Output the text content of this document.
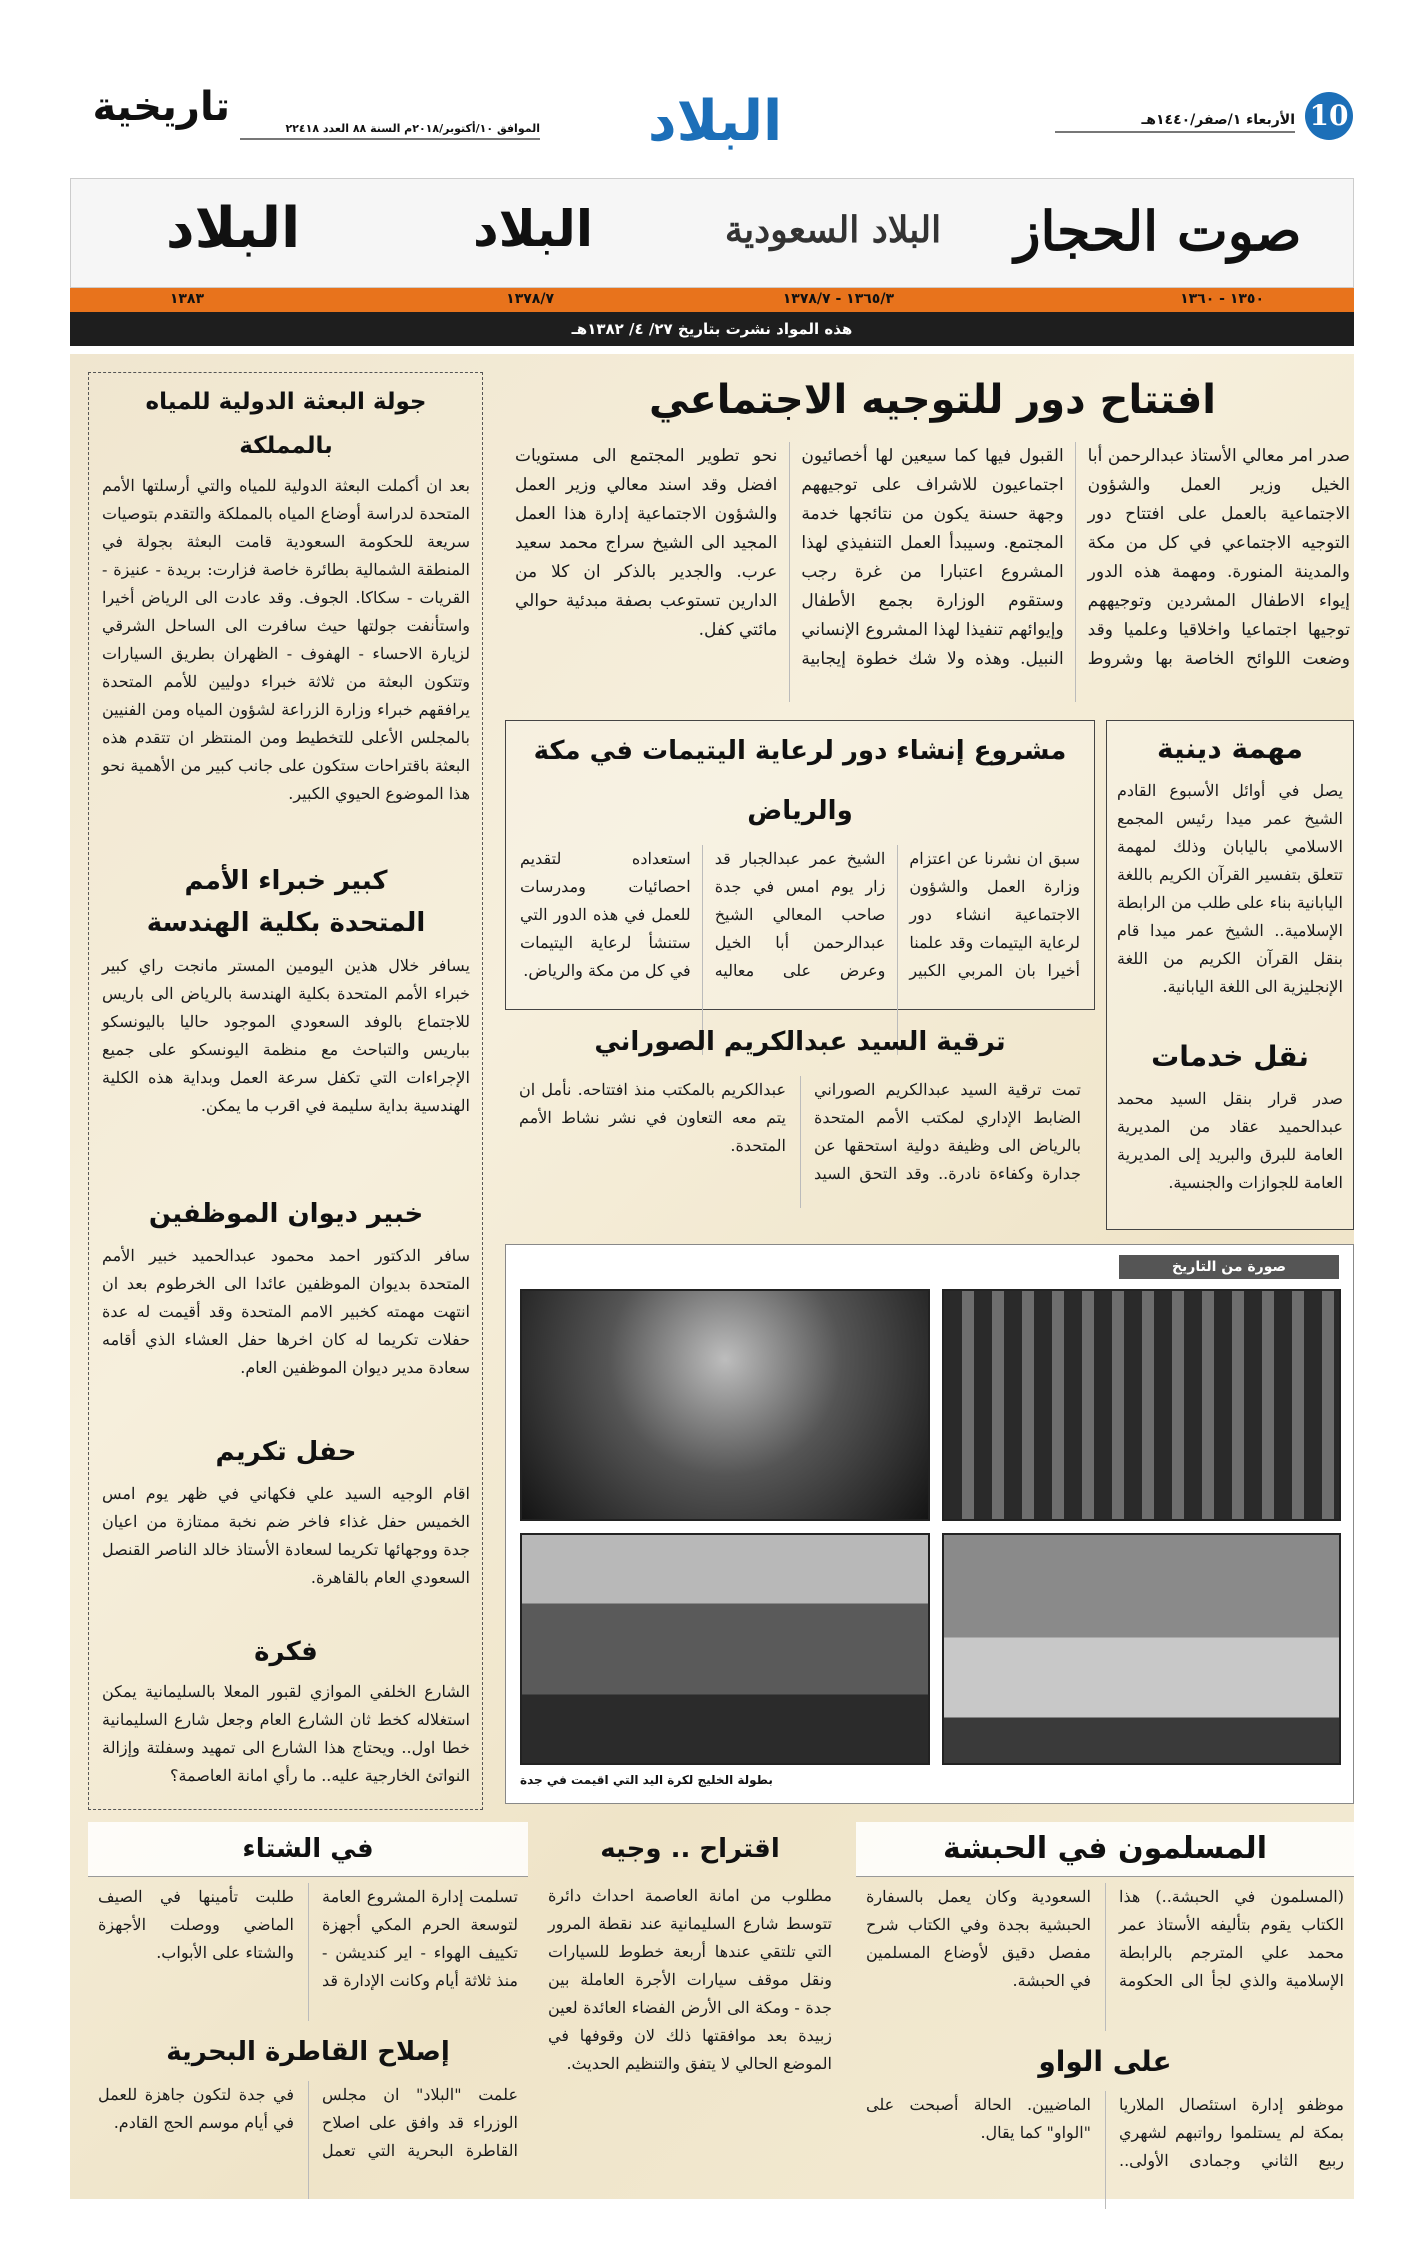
10
الأربعاء ١/صفر/١٤٤٠هـ
البلاد
الموافق ١٠/أكتوبر/٢٠١٨م السنة ٨٨ العدد ٢٢٤١٨
تاريخية
صوت الحجاز
البلاد السعودية
البلاد
البلاد
١٣٥٠ - ١٣٦٠
١٣٦٥/٣ - ١٣٧٨/٧
١٣٧٨/٧
١٣٨٣
هذه المواد نشرت بتاريخ ٢٧/ ٤/ ١٣٨٢هـ
افتتاح دور للتوجيه الاجتماعي
صدر امر معالي الأستاذ عبدالرحمن أبا الخيل وزير العمل والشؤون الاجتماعية بالعمل على افتتاح دور التوجيه الاجتماعي في كل من مكة والمدينة المنورة. ومهمة هذه الدور إيواء الاطفال المشردين وتوجيههم توجيها اجتماعيا واخلاقيا وعلميا وقد وضعت اللوائح الخاصة بها وشروط القبول فيها كما سيعين لها أخصائيون اجتماعيون للاشراف على توجيههم وجهة حسنة يكون من نتائجها خدمة المجتمع. وسيبدأ العمل التنفيذي لهذا المشروع اعتبارا من غرة رجب وستقوم الوزارة بجمع الأطفال وإيوائهم تنفيذا لهذا المشروع الإنساني النبيل. وهذه ولا شك خطوة إيجابية نحو تطوير المجتمع الى مستويات افضل وقد اسند معالي وزير العمل والشؤون الاجتماعية إدارة هذا العمل المجيد الى الشيخ سراج محمد سعيد عرب. والجدير بالذكر ان كلا من الدارين تستوعب بصفة مبدئية حوالي مائتي كفل.
جولة البعثة الدولية للمياه بالمملكة
بعد ان أكملت البعثة الدولية للمياه والتي أرسلتها الأمم المتحدة لدراسة أوضاع المياه بالمملكة والتقدم بتوصيات سريعة للحكومة السعودية قامت البعثة بجولة في المنطقة الشمالية بطائرة خاصة فزارت: بريدة - عنيزة - القريات - سكاكا. الجوف. وقد عادت الى الرياض أخيرا واستأنفت جولتها حيث سافرت الى الساحل الشرقي لزيارة الاحساء - الهفوف - الظهران بطريق السيارات وتتكون البعثة من ثلاثة خبراء دوليين للأمم المتحدة يرافقهم خبراء وزارة الزراعة لشؤون المياه ومن الفنيين بالمجلس الأعلى للتخطيط ومن المنتظر ان تتقدم هذه البعثة باقتراحات ستكون على جانب كبير من الأهمية نحو هذا الموضوع الحيوي الكبير.
كبير خبراء الأمم المتحدة بكلية الهندسة
يسافر خلال هذين اليومين المستر مانجت راي كبير خبراء الأمم المتحدة بكلية الهندسة بالرياض الى باريس للاجتماع بالوفد السعودي الموجود حاليا باليونسكو بباريس والتباحث مع منظمة اليونسكو على جميع الإجراءات التي تكفل سرعة العمل وبداية هذه الكلية الهندسية بداية سليمة في اقرب ما يمكن.
خبير ديوان الموظفين
سافر الدكتور احمد محمود عبدالحميد خبير الأمم المتحدة بديوان الموظفين عائدا الى الخرطوم بعد ان انتهت مهمته كخبير الامم المتحدة وقد أقيمت له عدة حفلات تكريما له كان اخرها حفل العشاء الذي أقامه سعادة مدير ديوان الموظفين العام.
حفل تكريم
اقام الوجيه السيد علي فكهاني في ظهر يوم امس الخميس حفل غذاء فاخر ضم نخبة ممتازة من اعيان جدة ووجهائها تكريما لسعادة الأستاذ خالد الناصر القنصل السعودي العام بالقاهرة.
فكرة
الشارع الخلفي الموازي لقبور المعلا بالسليمانية يمكن استغلاله كخط ثان الشارع العام وجعل شارع السليمانية خطا اول.. ويحتاج هذا الشارع الى تمهيد وسفلتة وإزالة النواتئ الخارجية عليه.. ما رأي امانة العاصمة؟
مهمة دينية
يصل في أوائل الأسبوع القادم الشيخ عمر ميدا رئيس المجمع الاسلامي باليابان وذلك لمهمة تتعلق بتفسير القرآن الكريم باللغة اليابانية بناء على طلب من الرابطة الإسلامية.. الشيخ عمر ميدا قام بنقل القرآن الكريم من اللغة الإنجليزية الى اللغة اليابانية.
نقل خدمات
صدر قرار بنقل السيد محمد عبدالحميد عقاد من المديرية العامة للبرق والبريد إلى المديرية العامة للجوازات والجنسية.
مشروع إنشاء دور لرعاية اليتيمات في مكة والرياض
سبق ان نشرنا عن اعتزام وزارة العمل والشؤون الاجتماعية انشاء دور لرعاية اليتيمات وقد علمنا أخيرا بان المربي الكبير الشيخ عمر عبدالجبار قد زار يوم امس في جدة صاحب المعالي الشيخ عبدالرحمن أبا الخيل وعرض على معاليه استعداده لتقديم احصائيات ومدرسات للعمل في هذه الدور التي ستنشأ لرعاية اليتيمات في كل من مكة والرياض.
ترقية السيد عبدالكريم الصوراني
تمت ترقية السيد عبدالكريم الصوراني الضابط الإداري لمكتب الأمم المتحدة بالرياض الى وظيفة دولية استحقها عن جدارة وكفاءة نادرة.. وقد التحق السيد عبدالكريم بالمكتب منذ افتتاحه. نأمل ان يتم معه التعاون في نشر نشاط الأمم المتحدة.
صورة من التاريخ
بطولة الخليج لكرة اليد التي اقيمت في جدة
المسلمون في الحبشة
(المسلمون في الحبشة..) هذا الكتاب يقوم بتأليفه الأستاذ عمر محمد علي المترجم بالرابطة الإسلامية والذي لجأ الى الحكومة السعودية وكان يعمل بالسفارة الحبشية بجدة وفي الكتاب شرح مفصل دقيق لأوضاع المسلمين في الحبشة.
على الواو
موظفو إدارة استئصال الملاريا بمكة لم يستلموا رواتبهم لشهري ربيع الثاني وجمادى الأولى.. الماضيين. الحالة أصبحت على "الواو" كما يقال.
اقتراح .. وجيه
مطلوب من امانة العاصمة احداث دائرة تتوسط شارع السليمانية عند نقطة المرور التي تلتقي عندها أربعة خطوط للسيارات ونقل موقف سيارات الأجرة العاملة بين جدة - ومكة الى الأرض الفضاء العائدة لعين زبيدة بعد موافقتها ذلك لان وقوفها في الموضع الحالي لا يتفق والتنظيم الحديث.
في الشتاء
تسلمت إدارة المشروع العامة لتوسعة الحرم المكي أجهزة تكييف الهواء - اير كنديشن - منذ ثلاثة أيام وكانت الإدارة قد طلبت تأمينها في الصيف الماضي ووصلت الأجهزة والشتاء على الأبواب.
إصلاح القاطرة البحرية
علمت "البلاد" ان مجلس الوزراء قد وافق على اصلاح القاطرة البحرية التي تعمل في جدة لتكون جاهزة للعمل في أيام موسم الحج القادم.
